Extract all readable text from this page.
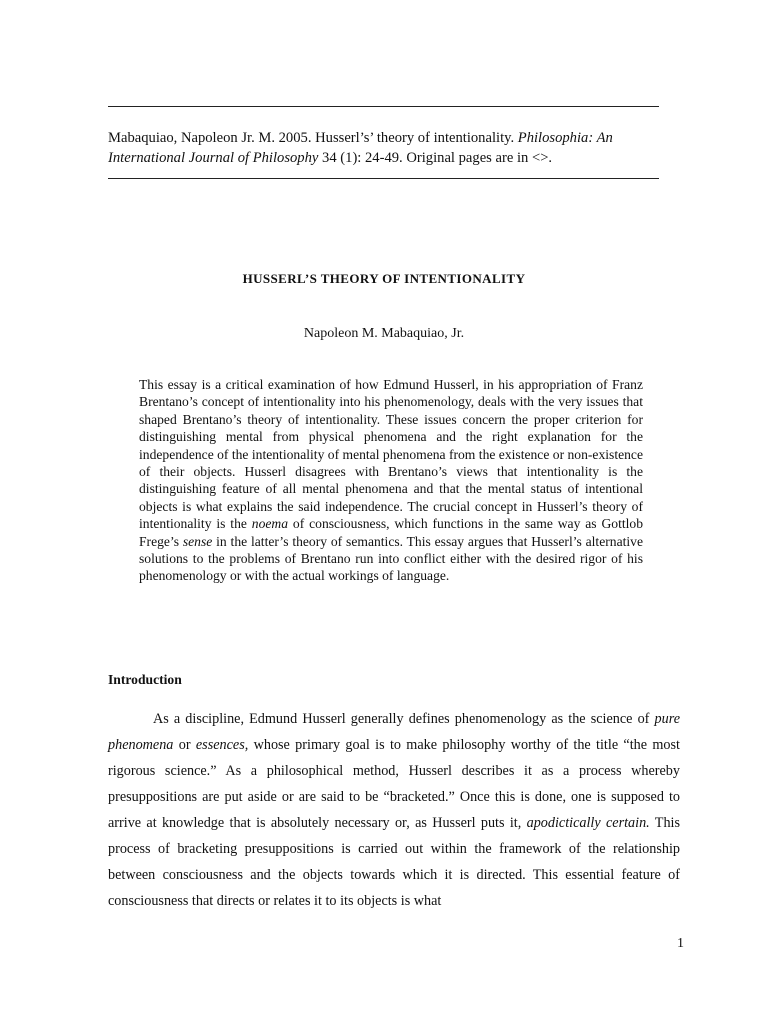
Mabaquiao, Napoleon Jr. M. 2005. Husserl’s’ theory of intentionality. Philosophia: An International Journal of Philosophy 34 (1): 24-49. Original pages are in <>.
HUSSERL’S THEORY OF INTENTIONALITY
Napoleon M. Mabaquiao, Jr.
This essay is a critical examination of how Edmund Husserl, in his appropriation of Franz Brentano’s concept of intentionality into his phenomenology, deals with the very issues that shaped Brentano’s theory of intentionality. These issues concern the proper criterion for distinguishing mental from physical phenomena and the right explanation for the independence of the intentionality of mental phenomena from the existence or non-existence of their objects. Husserl disagrees with Brentano’s views that intentionality is the distinguishing feature of all mental phenomena and that the mental status of intentional objects is what explains the said independence. The crucial concept in Husserl’s theory of intentionality is the noema of consciousness, which functions in the same way as Gottlob Frege’s sense in the latter’s theory of semantics. This essay argues that Husserl’s alternative solutions to the problems of Brentano run into conflict either with the desired rigor of his phenomenology or with the actual workings of language.
Introduction
As a discipline, Edmund Husserl generally defines phenomenology as the science of pure phenomena or essences, whose primary goal is to make philosophy worthy of the title “the most rigorous science.” As a philosophical method, Husserl describes it as a process whereby presuppositions are put aside or are said to be “bracketed.” Once this is done, one is supposed to arrive at knowledge that is absolutely necessary or, as Husserl puts it, apodictically certain. This process of bracketing presuppositions is carried out within the framework of the relationship between consciousness and the objects towards which it is directed. This essential feature of consciousness that directs or relates it to its objects is what
1
